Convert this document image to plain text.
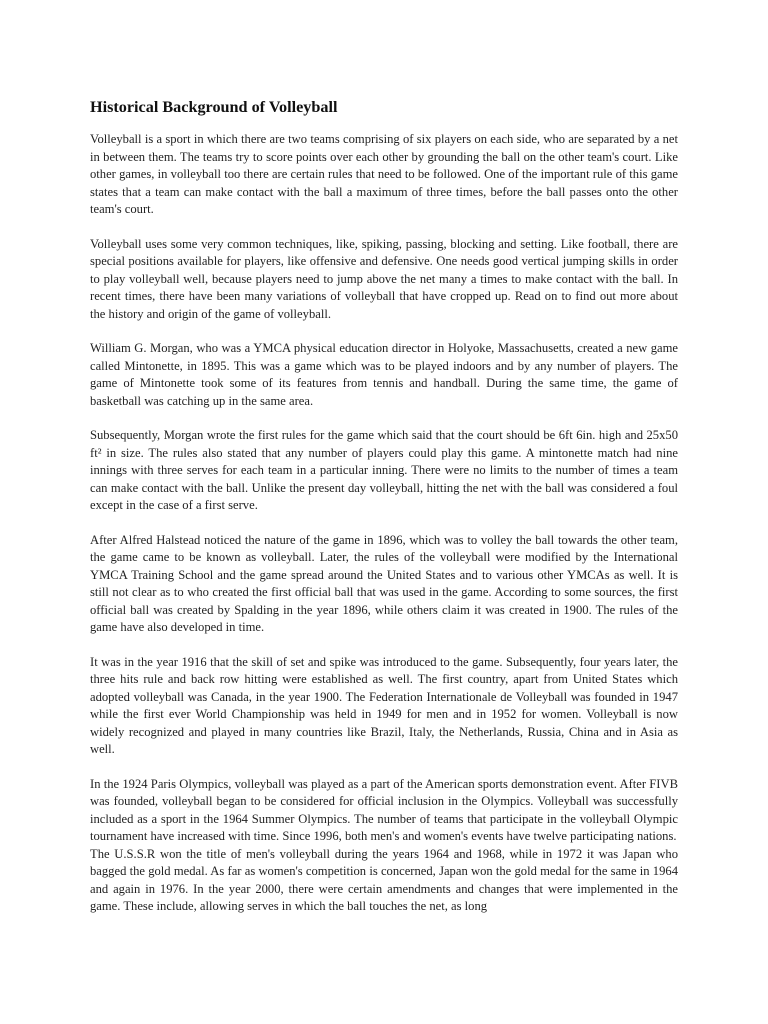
Historical Background of Volleyball

Volleyball is a sport in which there are two teams comprising of six players on each side, who are separated by a net in between them. The teams try to score points over each other by grounding the ball on the other team's court. Like other games, in volleyball too there are certain rules that need to be followed. One of the important rule of this game states that a team can make contact with the ball a maximum of three times, before the ball passes onto the other team's court.

Volleyball uses some very common techniques, like, spiking, passing, blocking and setting. Like football, there are special positions available for players, like offensive and defensive. One needs good vertical jumping skills in order to play volleyball well, because players need to jump above the net many a times to make contact with the ball. In recent times, there have been many variations of volleyball that have cropped up. Read on to find out more about the history and origin of the game of volleyball.

William G. Morgan, who was a YMCA physical education director in Holyoke, Massachusetts, created a new game called Mintonette, in 1895. This was a game which was to be played indoors and by any number of players. The game of Mintonette took some of its features from tennis and handball. During the same time, the game of basketball was catching up in the same area.

Subsequently, Morgan wrote the first rules for the game which said that the court should be 6ft 6in. high and 25x50 ft² in size. The rules also stated that any number of players could play this game. A mintonette match had nine innings with three serves for each team in a particular inning. There were no limits to the number of times a team can make contact with the ball. Unlike the present day volleyball, hitting the net with the ball was considered a foul except in the case of a first serve.

After Alfred Halstead noticed the nature of the game in 1896, which was to volley the ball towards the other team, the game came to be known as volleyball. Later, the rules of the volleyball were modified by the International YMCA Training School and the game spread around the United States and to various other YMCAs as well. It is still not clear as to who created the first official ball that was used in the game. According to some sources, the first official ball was created by Spalding in the year 1896, while others claim it was created in 1900. The rules of the game have also developed in time.

It was in the year 1916 that the skill of set and spike was introduced to the game. Subsequently, four years later, the three hits rule and back row hitting were established as well. The first country, apart from United States which adopted volleyball was Canada, in the year 1900. The Federation Internationale de Volleyball was founded in 1947 while the first ever World Championship was held in 1949 for men and in 1952 for women. Volleyball is now widely recognized and played in many countries like Brazil, Italy, the Netherlands, Russia, China and in Asia as well.

In the 1924 Paris Olympics, volleyball was played as a part of the American sports demonstration event. After FIVB was founded, volleyball began to be considered for official inclusion in the Olympics. Volleyball was successfully included as a sport in the 1964 Summer Olympics. The number of teams that participate in the volleyball Olympic tournament have increased with time. Since 1996, both men's and women's events have twelve participating nations.

The U.S.S.R won the title of men's volleyball during the years 1964 and 1968, while in 1972 it was Japan who bagged the gold medal. As far as women's competition is concerned, Japan won the gold medal for the same in 1964 and again in 1976. In the year 2000, there were certain amendments and changes that were implemented in the game. These include, allowing serves in which the ball touches the net, as long
